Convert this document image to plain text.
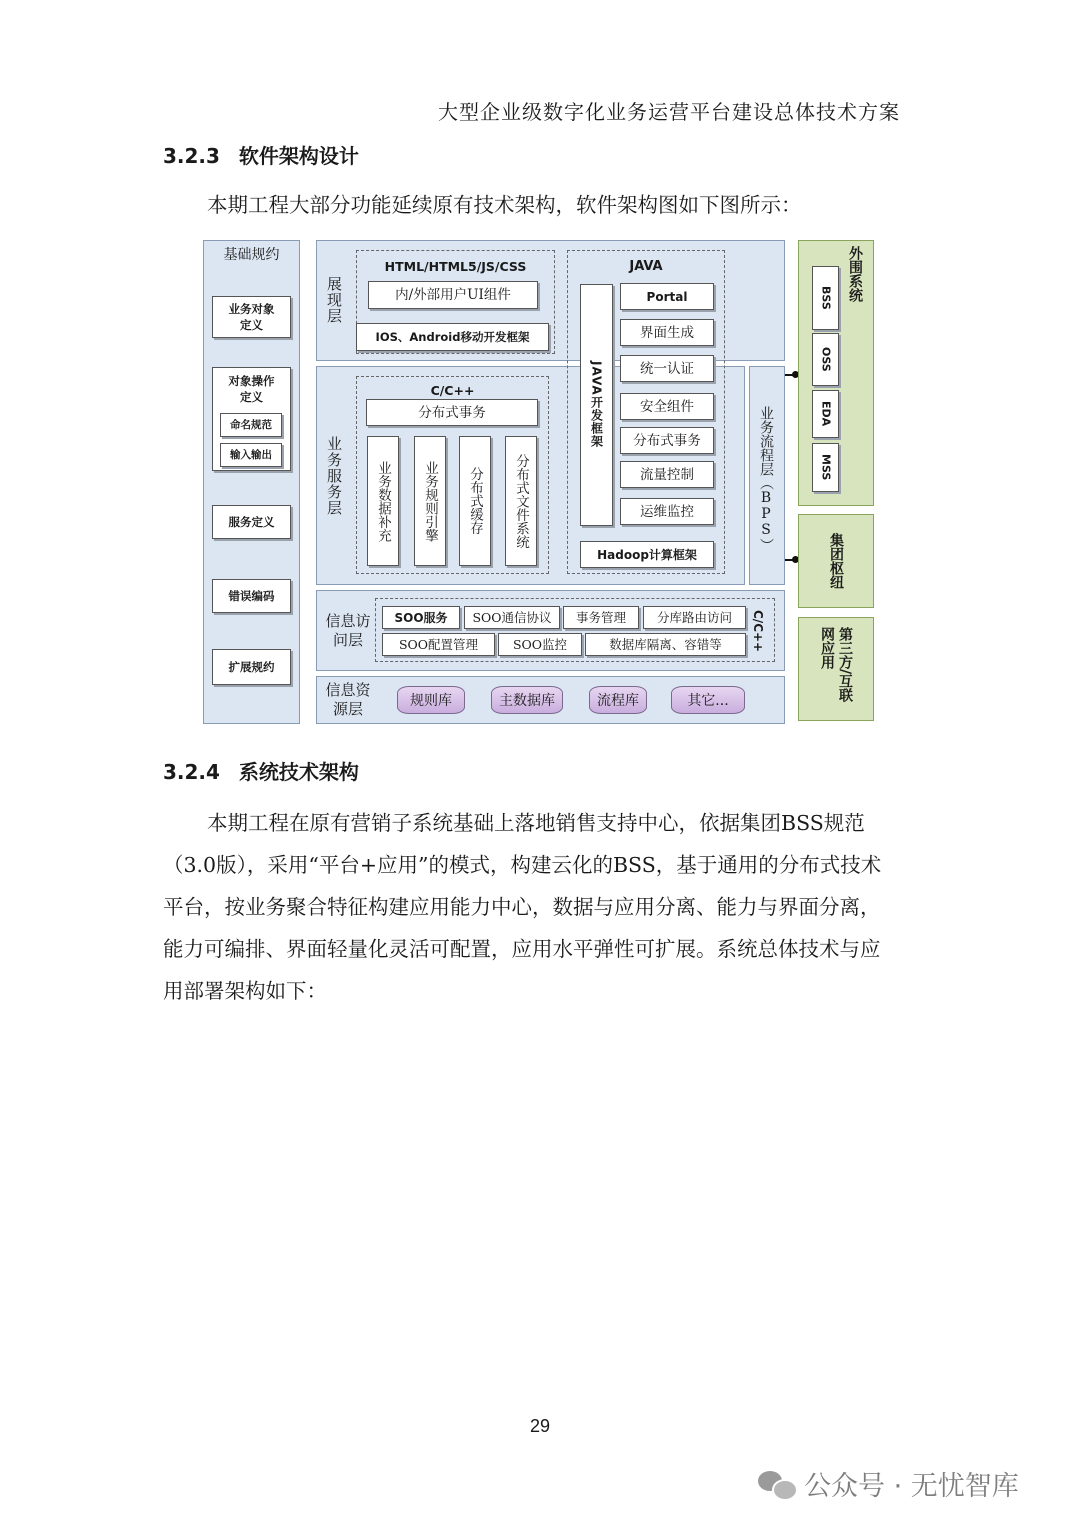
大型企业级数字化业务运营平台建设总体技术方案
3.2.3 软件架构设计
本期工程大部分功能延续原有技术架构，软件架构图如下图所示：
基础规约
业务对象
定义
对象操作
定义
命名规范
输入输出
服务定义
错误编码
扩展规约
展现层
HTML/HTML5/JS/CSS
内/外部用户UI组件
IOS、Android移动开发框架
业务服务层
C/C++
分布式事务
业务数据补充	业务规则引擎	分布式缓存	分布式文件系统
JAVA
JAVA开发框架
Portal
界面生成
统一认证
安全组件
分布式事务
流量控制
运维监控
Hadoop计算框架
业务流程层（BPS）
信息访问层
SOO服务	SOO通信协议	事务管理	分库路由访问
SOO配置管理	SOO监控	数据库隔离、容错等	C/C++
信息资源层	规则库	主数据库	流程库	其它...
外围系统
BSS
OSS
EDA
MSS
集团枢纽
第三方/互联网应用
3.2.4 系统技术架构
本期工程在原有营销子系统基础上落地销售支持中心，依据集团BSS规范
（3.0版），采用“平台+应用”的模式，构建云化的BSS，基于通用的分布式技术
平台，按业务聚合特征构建应用能力中心，数据与应用分离、能力与界面分离，
能力可编排、界面轻量化灵活可配置，应用水平弹性可扩展。系统总体技术与应
用部署架构如下：
29
公众号 · 无忧智库
